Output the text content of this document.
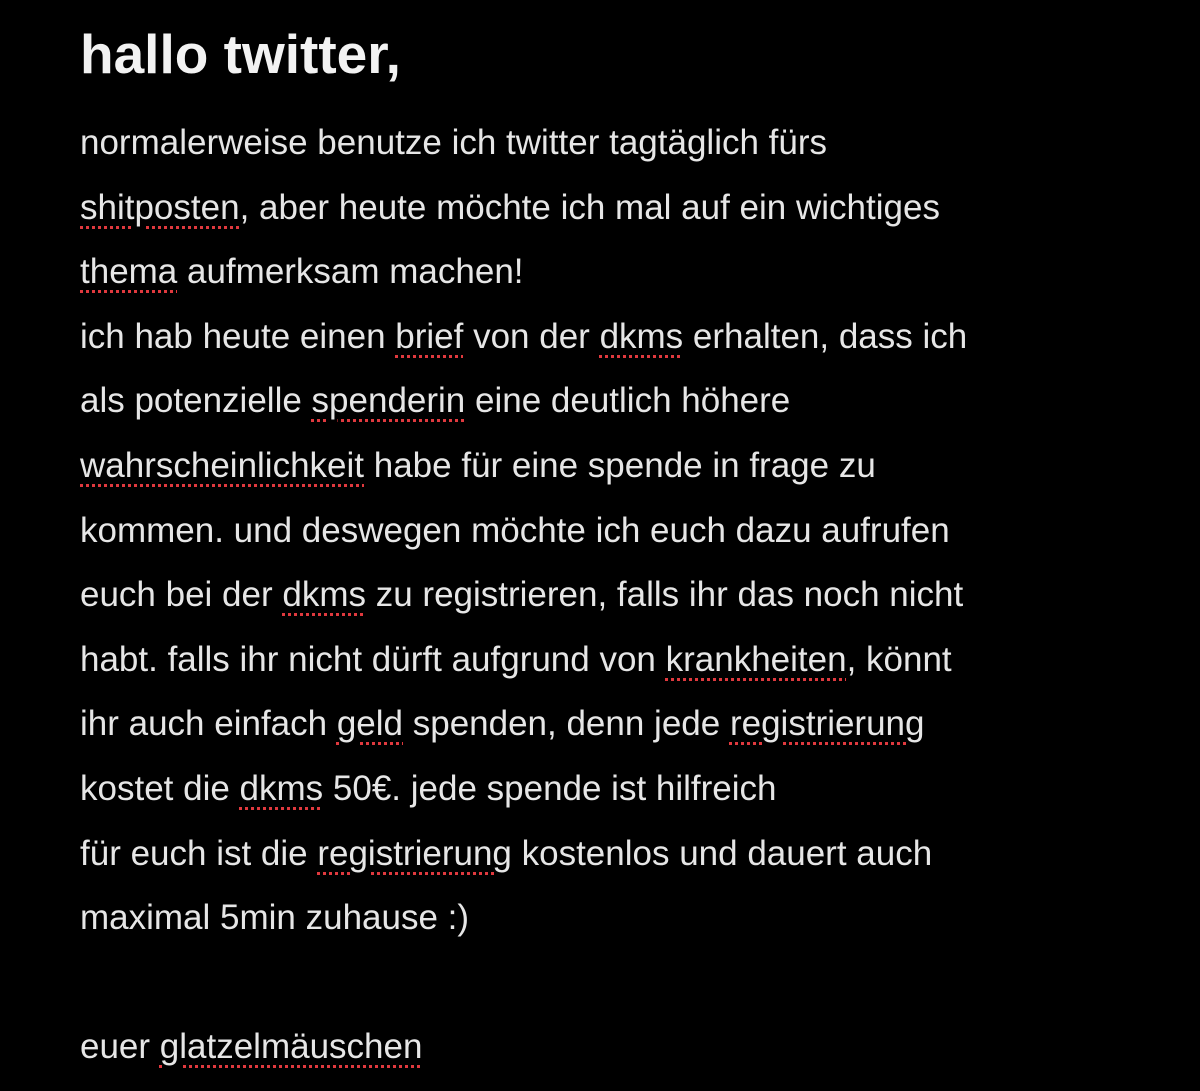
hallo twitter,
normalerweise benutze ich twitter tagtäglich fürs
shitposten, aber heute möchte ich mal auf ein wichtiges
thema aufmerksam machen!
ich hab heute einen brief von der dkms erhalten, dass ich
als potenzielle spenderin eine deutlich höhere
wahrscheinlichkeit habe für eine spende in frage zu
kommen. und deswegen möchte ich euch dazu aufrufen
euch bei der dkms zu registrieren, falls ihr das noch nicht
habt. falls ihr nicht dürft aufgrund von krankheiten, könnt
ihr auch einfach geld spenden, denn jede registrierung
kostet die dkms 50€. jede spende ist hilfreich
für euch ist die registrierung kostenlos und dauert auch
maximal 5min zuhause :)
euer glatzelmäuschen
